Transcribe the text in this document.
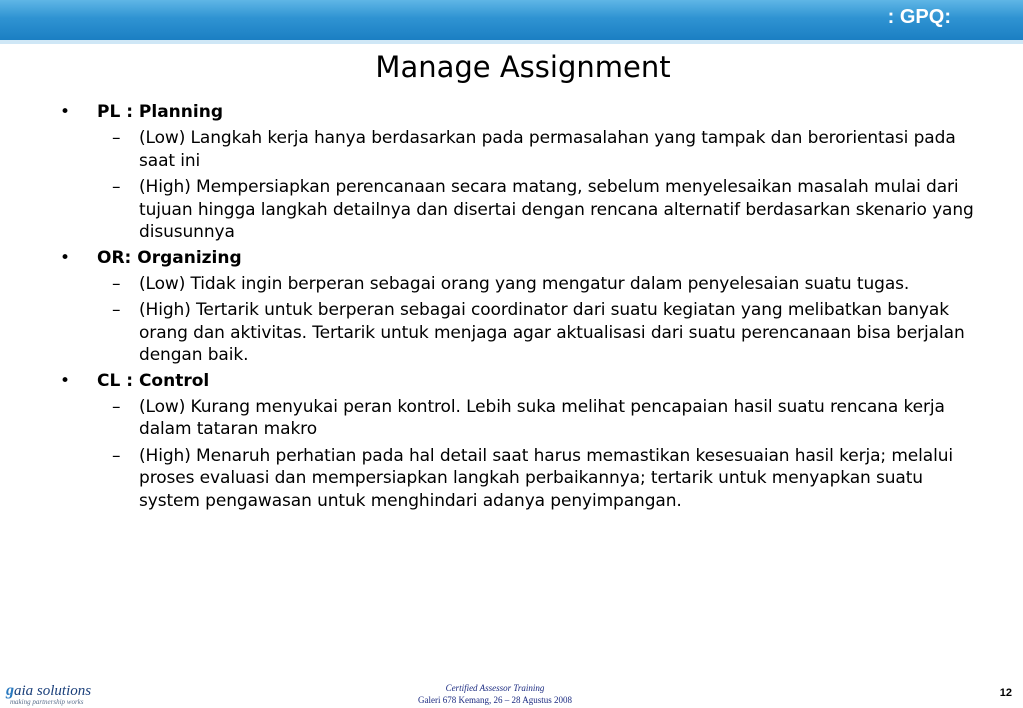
: GPQ:
Manage Assignment
• PL : Planning
– (Low) Langkah kerja hanya berdasarkan pada permasalahan yang tampak dan berorientasi pada saat ini
– (High) Mempersiapkan perencanaan secara matang, sebelum menyelesaikan masalah mulai dari tujuan hingga langkah detailnya dan disertai dengan rencana alternatif berdasarkan skenario yang disusunnya
• OR: Organizing
– (Low) Tidak ingin berperan sebagai orang yang mengatur dalam penyelesaian suatu tugas.
– (High) Tertarik untuk berperan sebagai coordinator dari suatu kegiatan yang melibatkan banyak orang dan aktivitas. Tertarik untuk menjaga agar aktualisasi dari suatu perencanaan bisa berjalan dengan baik.
• CL : Control
– (Low) Kurang menyukai peran kontrol. Lebih suka melihat pencapaian hasil suatu rencana kerja dalam tataran makro
– (High) Menaruh perhatian pada hal detail saat harus memastikan kesesuaian hasil kerja; melalui proses evaluasi dan mempersiapkan langkah perbaikannya; tertarik untuk menyapkan suatu system pengawasan untuk menghindari adanya penyimpangan.
gaia solutions
making partnership works
Certified Assessor Training
Galeri 678 Kemang, 26 – 28 Agustus 2008
12
